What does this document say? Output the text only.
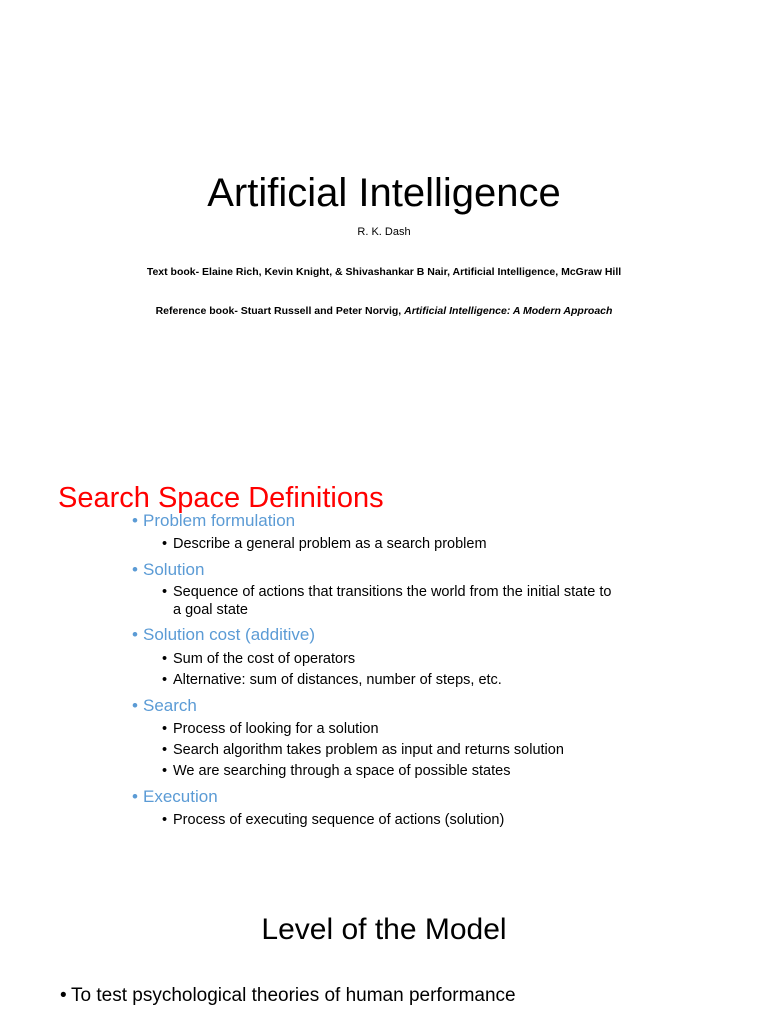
Artificial Intelligence
R. K. Dash
Text book- Elaine Rich, Kevin Knight, & Shivashankar B Nair, Artificial Intelligence, McGraw Hill
Reference book- Stuart Russell and Peter Norvig, Artificial Intelligence: A Modern Approach
Search Space Definitions
• Problem formulation
• Describe a general problem as a search problem
• Solution
• Sequence of actions that transitions the world from the initial state to a goal state
• Solution cost (additive)
• Sum of the cost of operators
• Alternative: sum of distances, number of steps, etc.
• Search
• Process of looking for a solution
• Search algorithm takes problem as input and returns solution
• We are searching through a space of possible states
• Execution
• Process of executing sequence of actions (solution)
Level of the Model
• To test psychological theories of human performance
